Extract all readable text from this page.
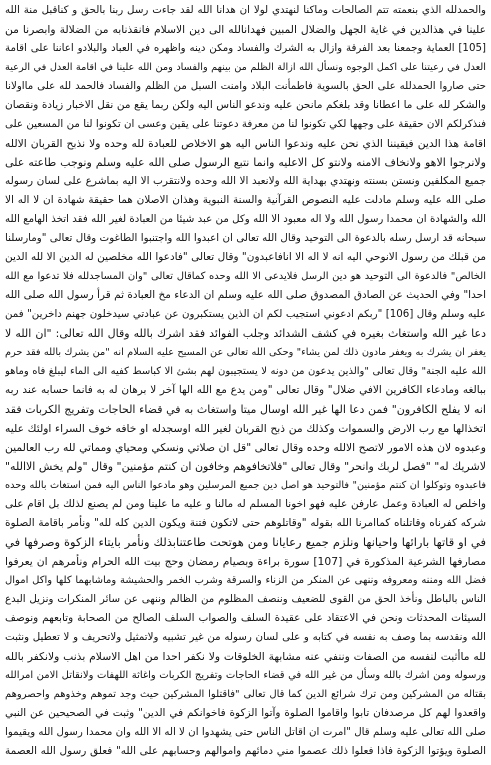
والحمدلله الذي بنعمته تتم الصالحات وماكنا لنهتدي لولا ان هدانا الله لقد جاءت رسل ربنا بالحق و كناقبل منة الله
علينا في هذالدين في غاية الجهل والضلال المبين فهدانالله الى دين الاسلام فانقذنابه من الضلالة وابصرنا من
[105] العماية وجمعنا بعد الفرقة وازال به الشرك والفساد ومكن دينه واظهره في العباد والبلادو اعاننا على اقامة
العدل في رعيتنا على اكمل الوجوه ونسأل الله ازالة الظلم من بينهم والفساد ومن الله علينا في اقامة العدل في الرعية
حتى صاروا الحمدلله على الحق بالسوية فاطمأنت البلاد وامنت السبل من الظلم والفساد فالحمد لله على مااولانا
والشكر لله على ما اعطانا وقد بلغكم مانحن عليه وندعو الناس اليه ولكن ربما يقع من نقل الاخبار زيادة ونقصان
فنذكرلكم الان حقيقة على وجهها لكي تكونوا لنا من معرفة دعوتنا على يقين وعسى ان تكونوا لنا من المسعين على
اقامة هذا الدين فيقيننا الذي نحن عليه وندعوا الناس اليه هو الاخلاص للعبادة لله وحده ولا نذبح القربان الالله
ولانرجوا الاهو ولانخاف الامنه ولانتو كل الاعليه وانما نتبع الرسول صلى الله عليه وسلم ونوجب طاعته على
جميع المكلفين ونستن بسنته ونهتدي بهداية الله ولانعبد الا الله وحده ولانتقرب الا اليه بماشرع على لسان رسوله
صلى الله عليه وسلم مادلت عليه النصوص القرآنية والسنة النبوية وهذان الاصلان هما حقيقة شهادة ان لا اله الا
الله والشهادة ان محمدا رسول الله ولا اله معبود الا الله وكل من عبد شيئا من العبادة لغير الله فقد اتخذ الهامع الله
سبحانه قد ارسل رسله بالدعوة الى التوحيد وقال الله تعالى ان اعبدوا الله واجتنبوا الطاغوت وقال تعالى "ومارسلنا
من قبلك من رسول الانوحي اليه انه لا اله الا انافاعبدون" وقال تعالى "فادعوا الله مخلصين له الدين الا لله الدين
الخالص" فالدعوة الى التوحيد هو دين الرسل فلايدعى الا الله وحده كماقال تعالى "وان المساجدلله فلا تدعوا مع الله
احدا" وفي الحديث عن الصادق المصدوق صلى الله عليه وسلم ان الدعاء مخ العبادة ثم قرأ رسول الله صلى الله
عليه وسلم وقال [106] "ربكم ادعوني استجيب لكم ان الذين يستكبرون عن عبادتي سيدخلون جهنم داخرين" فمن
دعا غير الله واستغاث بغيره في كشف الشدائد وجلب الفوائد فقد اشرك بالله وقال الله تعالى: "ان الله لا
يغفر ان يشرك به ويغفر مادون ذلك لمن يشاء" وحكى الله تعالى عن المسيح عليه السلام انه "من يشرك بالله فقد حرم
الله عليه الجنة" وقال تعالى "والذين يدعون من دونه لا يستجيبون لهم بشئ الا كباسط كفيه الى الماء ليبلغ فاه وماهو
ببالغه ومادعاء الكافرين الافي ضلال" وقال تعالى "ومن يدع مع الله الها آخر لا برهان له به فانما حسابه عند ربه
انه لا يفلح الكافرون" فمن دعا الها غير الله اوسال ميتا واستغاث به في قضاء الحاجات وتفريج الكربات فقد
اتخذالها مع رب الارض والسموات وكذلك من ذبح القربان لغير الله اوسجدله او خافه خوف السراء اولئك عليه
وعبدوه لان هذه الامور لاتصح الالله وحده وقال تعالى "قل ان صلاتي ونسكي ومحياي ومماتي لله رب العالمين
لاشريك له" "فصل لربك وانحر" وقال تعالى "فلاتخافوهم وخافون ان كنتم مؤمنين" وقال "ولم يخش الاالله"
فاعبدوه وتوكلوا ان كنتم مؤمنين" فالتوحيد هو اصل دين جميع المرسلين وهو مادعوا الناس اليه فمن استغاث بالله وحده
واخلص له العبادة وعمل عارفن عليه فهو اخونا المسلم له مالنا و عليه ما علينا ومن لم يصنع لذلك بل اقام على
شركه كفرناه وقاتلناه كماامرنا الله بقوله "وقاتلوهم حتى لاتكون فتنة ويكون الدين كله لله" ونأمر باقامة الصلوة
في او قاتها بارائها واحيانها ونلزم جميع رعايانا ومن هوتحت طاعتنابذلك ونأمر بايتاء الزكوة وصرفها في
مصارفها الشرعية المذكورة في [107] سورة براءة وبصيام رمضان وحج بيت الله الحرام ونأمرهم ان يعرفوا
فضل الله ومننه ومعروفه وننهى عن المنكر من الزناء والسرقة وشرب الخمر والحشيشة وماشابهما كلها واكل اموال
الناس بالباطل ونأخذ الحق من القوى للضعيف وننصف المظلوم من الظالم وننهى عن سائر المنكرات ونزيل البدع
السيئات المحدثات ونحن في الاعتقاد على عقيدة السلف والصواب السلف الصالح من الصحابة وتابعهم ونوصف
الله ونقدسه بما وصف به نفسه في كتابه و على لسان رسوله من غير تشبيه ولاتمثيل ولاتحريف و لا تعطيل ونثبت
لله ماأثبت لنفسه من الصفات وننفي عنه مشابهة الخلوقات ولا نكفر احدا من اهل الاسلام بذنب ولانكفر بالله
ورسوله ومن اشرك بالله وسأل من غير الله في قضاء الحاجات وتفريج الكربات واغاثة اللهفات ولانقاتل الامن امرالله
بقتاله من المشركين ومن ترك شرائع الدين كما قال تعالى "فاقتلوا المشركين حيث وجد تموهم وخذوهم واحصروهم
واقعدوا لهم كل مرصدفان تابوا واقاموا الصلوة وآتوا الزكوة فاخوانكم في الدين" وثبت في الصحيحين عن النبي
صلى الله تعالى عليه وسلم قال "امرت ان اقاتل الناس حتى يشهدوا ان لا اله الا الله وان محمدا رسول الله ويقيموا
الصلوة ويؤتوا الزكوة فاذا فعلوا ذلك عصموا مني دمائهم واموالهم وحسابهم على الله" فعلق رسول الله العصمة
